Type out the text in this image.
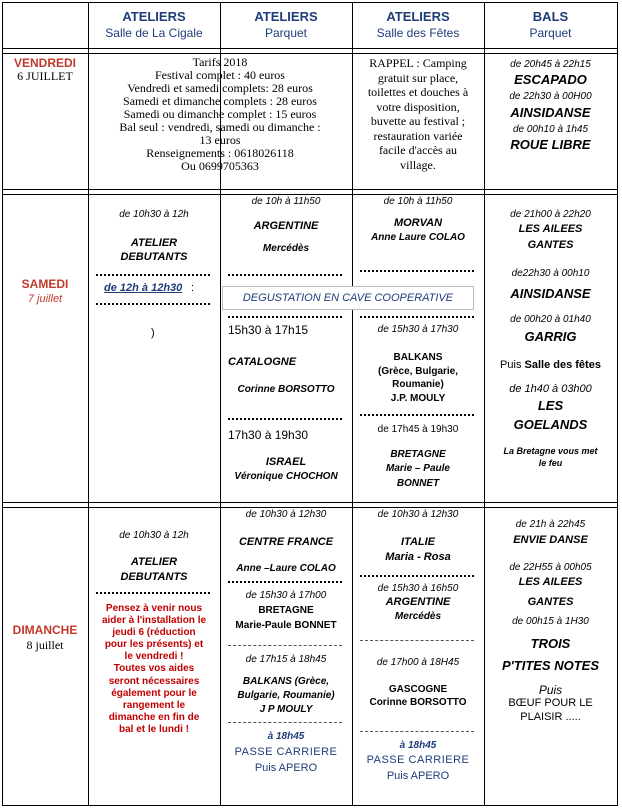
ATELIERS
Salle de La Cigale
ATELIERS
Parquet
ATELIERS
Salle des Fêtes
BALS
Parquet
VENDREDI
6 JUILLET
Tarifs 2018
Festival complet : 40 euros
Vendredi et samedi complets: 28 euros
Samedi et dimanche complets : 28 euros
Samedi ou dimanche complet : 15 euros
Bal seul : vendredi, samedi ou dimanche :
13 euros
Renseignements : 0618026118
Ou 0699705363
RAPPEL : Camping
gratuit sur place,
toilettes et douches à
votre disposition,
buvette au festival ;
restauration variée
facile d'accès au
village.
de 20h45 à 22h15
ESCAPADO
de 22h30 à 00H00
AINSIDANSE
de 00h10 à 1h45
ROUE LIBRE
SAMEDI
7 juillet
de 10h30 à 12h
ATELIER
DEBUTANTS
de 12h à 12h30 :
)
de 10h à 11h50
ARGENTINE
Mercédès
DEGUSTATION EN CAVE COOPERATIVE
15h30 à 17h15
CATALOGNE
Corinne BORSOTTO
17h30 à 19h30
ISRAEL
Véronique CHOCHON
de 10h à 11h50
MORVAN
Anne Laure COLAO
de 15h30 à 17h30
BALKANS
(Grèce, Bulgarie,
Roumanie)
J.P. MOULY
de 17h45 à 19h30
BRETAGNE
Marie – Paule
BONNET
de 21h00 à 22h20
LES AILEES
GANTES
de22h30 à 00h10
AINSIDANSE
de 00h20 à 01h40
GARRIG
Puis Salle des fêtes
de 1h40 à 03h00
LES
GOELANDS
La Bretagne vous met
le feu
DIMANCHE
8 juillet
de 10h30 à 12h
ATELIER
DEBUTANTS
Pensez à venir nous
aider à l'installation le
jeudi 6 (réduction
pour les présents) et
le vendredi !
Toutes vos aides
seront nécessaires
également pour le
rangement le
dimanche en fin de
bal et le lundi !
de 10h30 à 12h30
CENTRE FRANCE
Anne –Laure COLAO
de 15h30 à 17h00
BRETAGNE
Marie-Paule BONNET
de 17h15 à 18h45
BALKANS (Grèce,
Bulgarie, Roumanie)
J P MOULY
à 18h45
PASSE CARRIERE
Puis APERO
de 10h30 à 12h30
ITALIE
Maria - Rosa
de 15h30 à 16h50
ARGENTINE
Mercédès
de 17h00 à 18H45
GASCOGNE
Corinne BORSOTTO
à 18h45
PASSE CARRIERE
Puis APERO
de 21h à 22h45
ENVIE DANSE
de 22H55 à 00h05
LES AILEES
GANTES
de 00h15 à 1H30
TROIS
P'TITES NOTES
Puis
BŒUF POUR LE
PLAISIR .....
